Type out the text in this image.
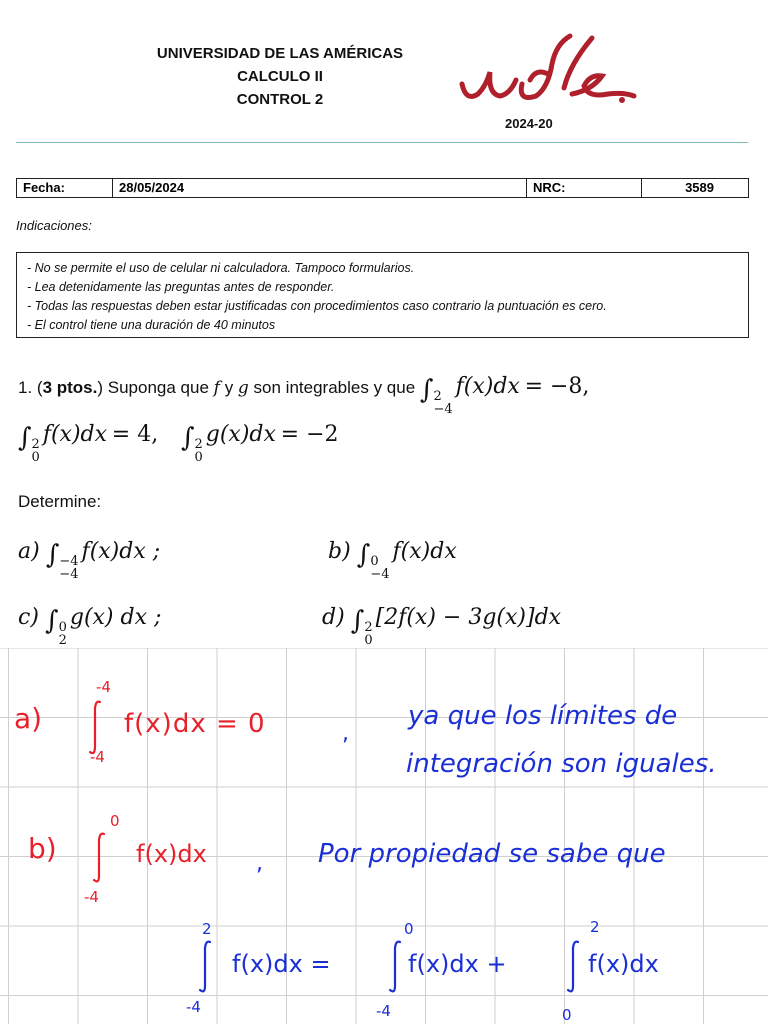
UNIVERSIDAD DE LAS AMÉRICAS
CALCULO II
CONTROL 2
2024-20
Fecha:	28/05/2024	NRC:	3589
Indicaciones:
- No se permite el uso de celular ni calculadora. Tampoco formularios.
- Lea detenidamente las preguntas antes de responder.
- Todas las respuestas deben estar justificadas con procedimientos caso contrario la puntuación es cero.
- El control tiene una duración de 40 minutos
1. (3 ptos.) Suponga que f y g son integrables y que ∫ 2
−4
f(x)dx = −8,
∫ 2
0
f(x)dx = 4, ∫ 2
0
g(x)dx = −2
Determine:
a) ∫ −4
−4
f(x)dx ;	b) ∫ 0
−4
f(x)dx
c) ∫ 0
2
g(x) dx ;	d) ∫ 2
0
[2f(x) − 3g(x)]dx
a)
-4
-4
f(x)dx = 0	,
ya que los límites de
integración son iguales.
b)
0
-4
f(x)dx , Por propiedad se sabe que
2
-4
f(x)dx =
0
-4
f(x)dx +
2
0
f(x)dx
